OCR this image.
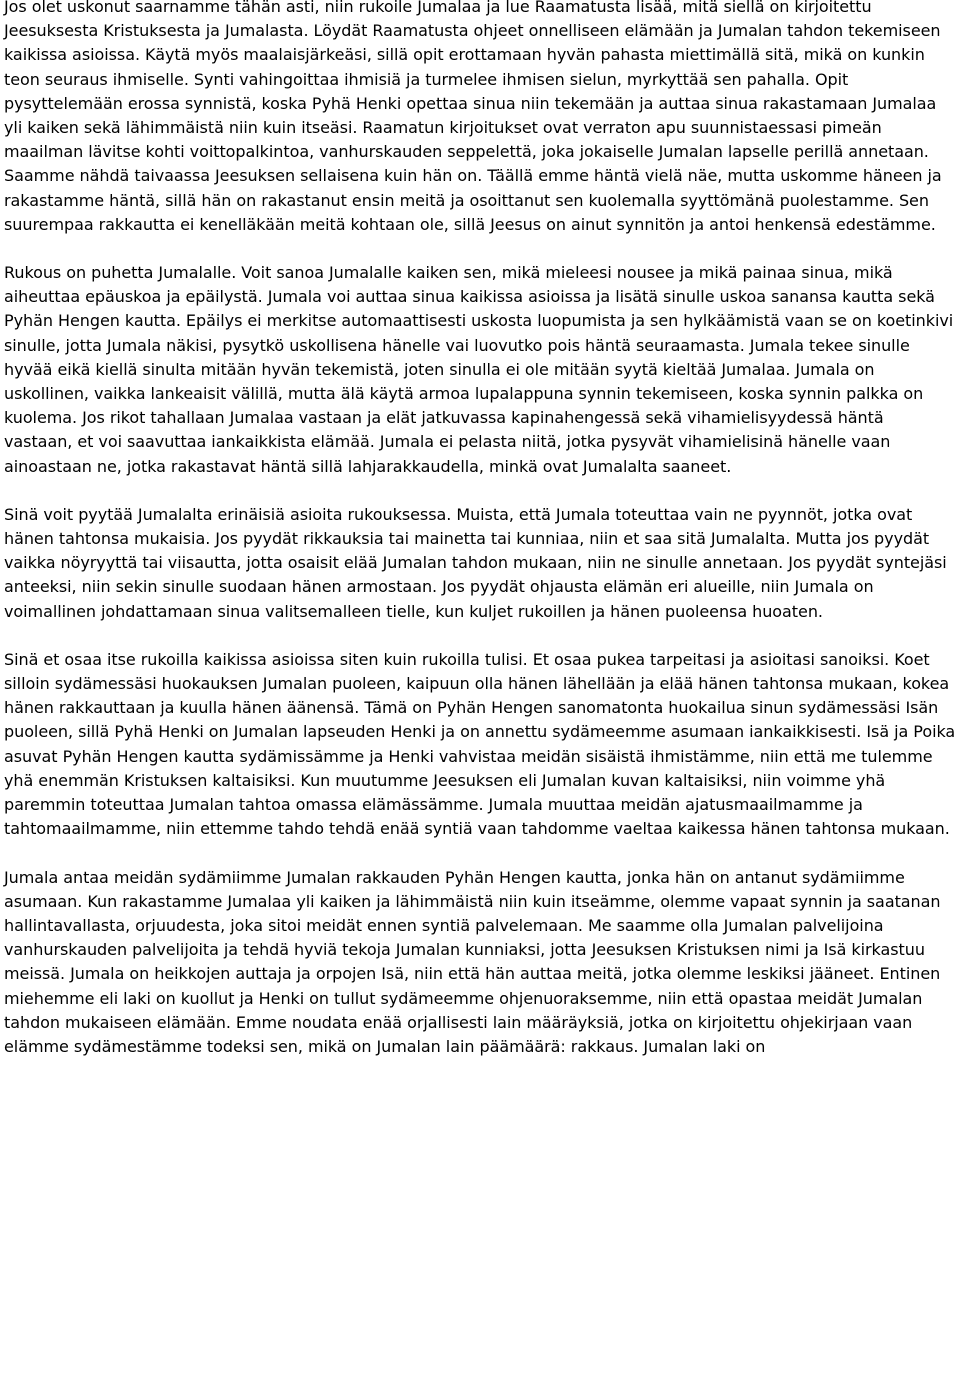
Jos olet uskonut saarnamme tähän asti, niin rukoile Jumalaa ja lue Raamatusta lisää, mitä siellä on kirjoitettu Jeesuksesta Kristuksesta ja Jumalasta. Löydät Raamatusta ohjeet onnelliseen elämään ja Jumalan tahdon tekemiseen kaikissa asioissa. Käytä myös maalaisjärkeäsi, sillä opit erottamaan hyvän pahasta miettimällä sitä, mikä on kunkin teon seuraus ihmiselle. Synti vahingoittaa ihmisiä ja turmelee ihmisen sielun, myrkyttää sen pahalla. Opit pysyttelemään erossa synnistä, koska Pyhä Henki opettaa sinua niin tekemään ja auttaa sinua rakastamaan Jumalaa yli kaiken sekä lähimmäistä niin kuin itseäsi. Raamatun kirjoitukset ovat verraton apu suunnistaessasi pimeän maailman lävitse kohti voittopalkintoa, vanhurskauden seppelettä, joka jokaiselle Jumalan lapselle perillä annetaan. Saamme nähdä taivaassa Jeesuksen sellaisena kuin hän on. Täällä emme häntä vielä näe, mutta uskomme häneen ja rakastamme häntä, sillä hän on rakastanut ensin meitä ja osoittanut sen kuolemalla syyttömänä puolestamme. Sen suurempaa rakkautta ei kenelläkään meitä kohtaan ole, sillä Jeesus on ainut synnitön ja antoi henkensä edestämme.

Rukous on puhetta Jumalalle. Voit sanoa Jumalalle kaiken sen, mikä mieleesi nousee ja mikä painaa sinua, mikä aiheuttaa epäuskoa ja epäilystä. Jumala voi auttaa sinua kaikissa asioissa ja lisätä sinulle uskoa sanansa kautta sekä Pyhän Hengen kautta. Epäilys ei merkitse automaattisesti uskosta luopumista ja sen hylkäämistä vaan se on koetinkivi sinulle, jotta Jumala näkisi, pysytkö uskollisena hänelle vai luovutko pois häntä seuraamasta. Jumala tekee sinulle hyvää eikä kiellä sinulta mitään hyvän tekemistä, joten sinulla ei ole mitään syytä kieltää Jumalaa. Jumala on uskollinen, vaikka lankeaisit välillä, mutta älä käytä armoa lupalappuna synnin tekemiseen, koska synnin palkka on kuolema. Jos rikot tahallaan Jumalaa vastaan ja elät jatkuvassa kapinahengessä sekä vihamielisyydessä häntä vastaan, et voi saavuttaa iankaikkista elämää. Jumala ei pelasta niitä, jotka pysyvät vihamielisinä hänelle vaan ainoastaan ne, jotka rakastavat häntä sillä lahjarakkaudella, minkä ovat Jumalalta saaneet.

Sinä voit pyytää Jumalalta erinäisiä asioita rukouksessa. Muista, että Jumala toteuttaa vain ne pyynnöt, jotka ovat hänen tahtonsa mukaisia. Jos pyydät rikkauksia tai mainetta tai kunniaa, niin et saa sitä Jumalalta. Mutta jos pyydät vaikka nöyryyttä tai viisautta, jotta osaisit elää Jumalan tahdon mukaan, niin ne sinulle annetaan. Jos pyydät syntejäsi anteeksi, niin sekin sinulle suodaan hänen armostaan. Jos pyydät ohjausta elämän eri alueille, niin Jumala on voimallinen johdattamaan sinua valitsemalleen tielle, kun kuljet rukoillen ja hänen puoleensa huoaten.

Sinä et osaa itse rukoilla kaikissa asioissa siten kuin rukoilla tulisi. Et osaa pukea tarpeitasi ja asioitasi sanoiksi. Koet silloin sydämessäsi huokauksen Jumalan puoleen, kaipuun olla hänen lähellään ja elää hänen tahtonsa mukaan, kokea hänen rakkauttaan ja kuulla hänen äänensä. Tämä on Pyhän Hengen sanomatonta huokailua sinun sydämessäsi Isän puoleen, sillä Pyhä Henki on Jumalan lapseuden Henki ja on annettu sydämeemme asumaan iankaikkisesti. Isä ja Poika asuvat Pyhän Hengen kautta sydämissämme ja Henki vahvistaa meidän sisäistä ihmistämme, niin että me tulemme yhä enemmän Kristuksen kaltaisiksi. Kun muutumme Jeesuksen eli Jumalan kuvan kaltaisiksi, niin voimme yhä paremmin toteuttaa Jumalan tahtoa omassa elämässämme. Jumala muuttaa meidän ajatusmaailmamme ja tahtomaailmamme, niin ettemme tahdo tehdä enää syntiä vaan tahdomme vaeltaa kaikessa hänen tahtonsa mukaan.

Jumala antaa meidän sydämiimme Jumalan rakkauden Pyhän Hengen kautta, jonka hän on antanut sydämiimme asumaan. Kun rakastamme Jumalaa yli kaiken ja lähimmäistä niin kuin itseämme, olemme vapaat synnin ja saatanan hallintavallasta, orjuudesta, joka sitoi meidät ennen syntiä palvelemaan. Me saamme olla Jumalan palvelijoina vanhurskauden palvelijoita ja tehdä hyviä tekoja Jumalan kunniaksi, jotta Jeesuksen Kristuksen nimi ja Isä kirkastuu meissä. Jumala on heikkojen auttaja ja orpojen Isä, niin että hän auttaa meitä, jotka olemme leskiksi jääneet. Entinen miehemme eli laki on kuollut ja Henki on tullut sydämeemme ohjenuoraksemme, niin että opastaa meidät Jumalan tahdon mukaiseen elämään. Emme noudata enää orjallisesti lain määräyksiä, jotka on kirjoitettu ohjekirjaan vaan elämme sydämestämme todeksi sen, mikä on Jumalan lain päämäärä: rakkaus. Jumalan laki on
